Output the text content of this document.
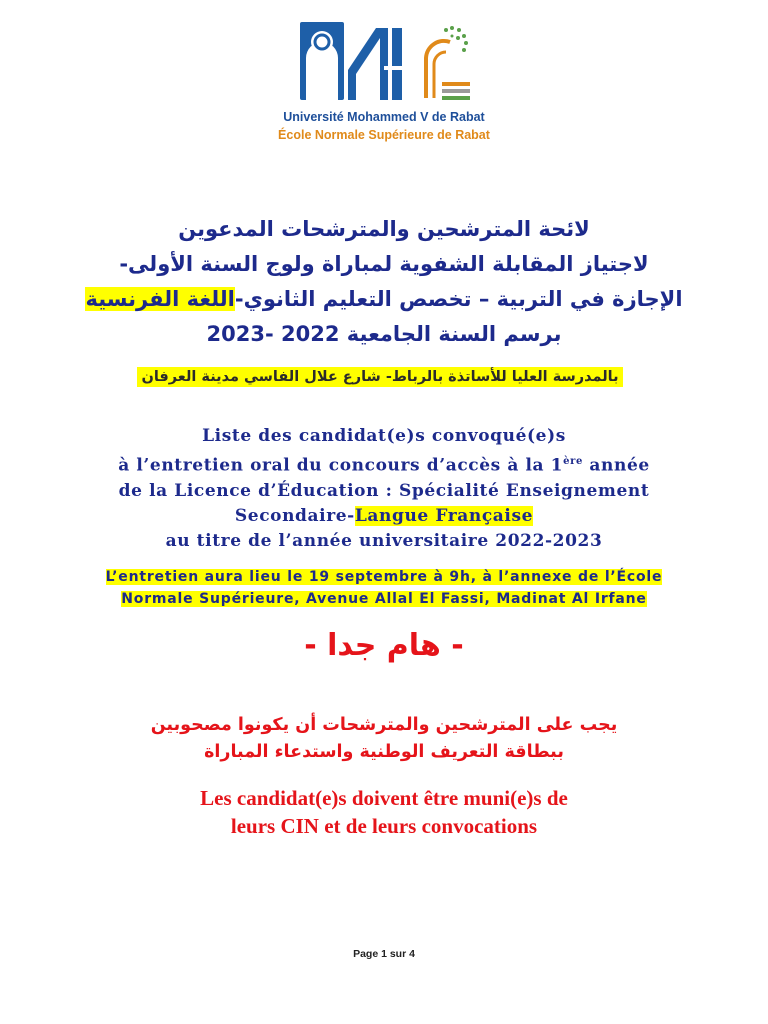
Université Mohammed V de Rabat
École Normale Supérieure de Rabat
لائحة المترشحين والمترشحات المدعوين
لاجتياز المقابلة الشفوية لمباراة ولوج السنة الأولى-
الإجازة في التربية – تخصص التعليم الثانوي-اللغة الفرنسية
برسم السنة الجامعية 2022 -2023
بالمدرسة العليا للأساتذة بالرباط- شارع علال الفاسي مدينة العرفان
Liste des candidat(e)s convoqué(e)s
à l’entretien oral du concours d’accès à la 1ère année
de la Licence d’Éducation : Spécialité Enseignement
Secondaire-Langue Française
au titre de l’année universitaire 2022-2023
L’entretien aura lieu le 19 septembre à 9h, à l’annexe de l’École
Normale Supérieure, Avenue Allal El Fassi, Madinat Al Irfane
- هام جدا -
يجب على المترشحين والمترشحات أن يكونوا مصحوبين
ببطاقة التعريف الوطنية واستدعاء المباراة
Les candidat(e)s doivent être muni(e)s de
leurs CIN et de leurs convocations
Page 1 sur 4
